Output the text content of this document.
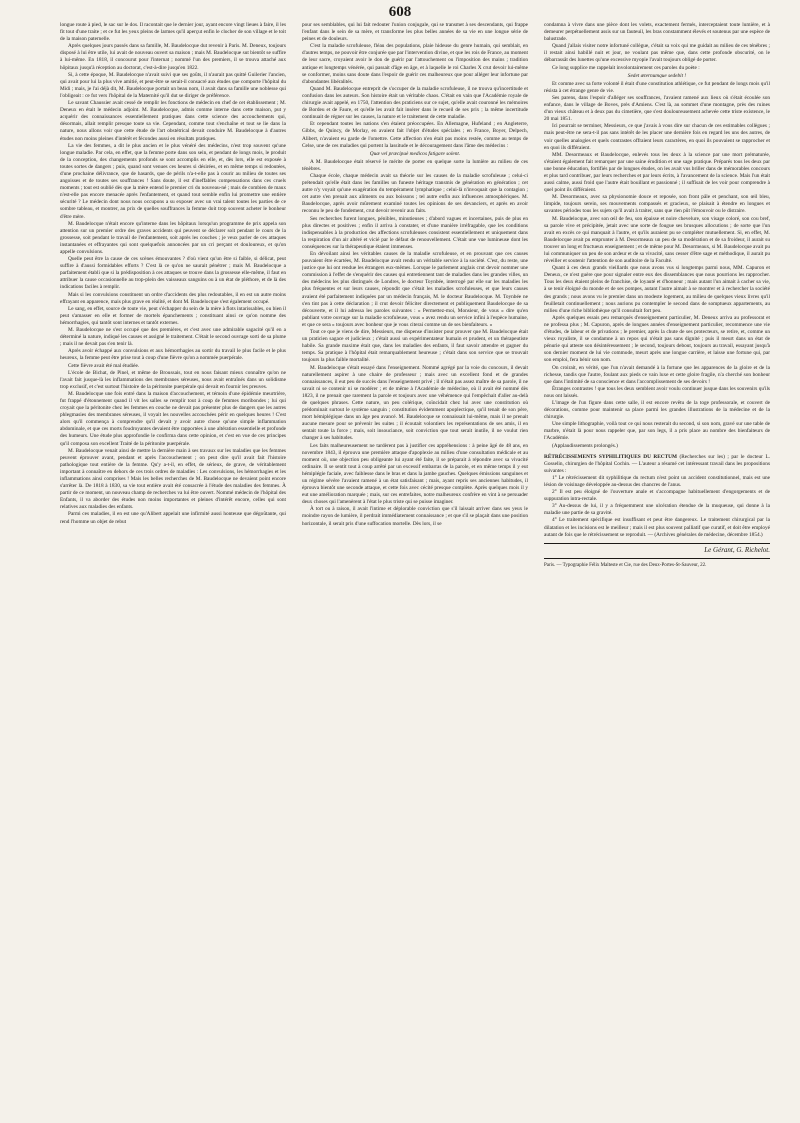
608

longue route à pied, le sac sur le dos. Il racontait que le dernier jour, ayant encore vingt lieues à faire, il les fit tout d'une traite ; et ce fut les yeux pleins de larmes qu'il aperçut enfin le clocher de son village et le toit de la maison paternelle.

Après quelques jours passés dans sa famille, M. Baudelocque dut revenir à Paris. M. Deneux, toujours disposé à lui être utile, lui avait de nouveau ouvert sa maison ; mais M. Baudelocque sut bientôt se suffire à lui-même. En 1818, il concourut pour l'internat ; nommé l'un des premiers, il se trouva attaché aux hôpitaux jusqu'à réception au doctorat, c'est-à-dire jusqu'en 1822.

Si, à cette époque, M. Baudelocque n'avait suivi que ses goûts, il n'aurait pas quitté Guilerier l'ancien, qui avait pour lui la plus vive amitié, et peut-être se serait-il consacré aux études que comporte l'hôpital du Midi ; mais, je l'ai déjà dit, M. Baudelocque portait un beau nom, il avait dans sa famille une noblesse qui l'obligeait : ce fut vers l'hôpital de la Maternité qu'il dut se diriger de préférence.

Le savant Chaussier avait cessé de remplir les fonctions de médecin en chef de cet établissement ; M. Deneux en était le médecin adjoint. M. Baudelocque, admis comme interne dans cette maison, put y acquérir des connaissances essentiellement pratiques dans cette science des accouchements qui, désormais, allait remplir presque toute sa vie. Cependant, comme tout s'enchaîne et tout se lie dans la nature, nous allons voir que cette étude de l'art obstétrical devait conduire M. Baudelocque à d'autres études non moins pleines d'intérêt et fécondes aussi en résultats pratiques.

La vie des femmes, a dit le plus ancien et le plus vénéré des médecins, n'est trop souvent qu'une longue maladie. Par cela, en effet, que la femme porte dans son sein, et pendant de longs mois, le produit de la conception, des changements profonds se sont accomplis en elle, et, dès lors, elle est exposée à toutes sortes de dangers ; puis, quand sont venues ces heures si désirées, et en même temps si redoutées, d'une prochaine délivrance, que de hasards, que de périls n'a-t-elle pas à courir au milieu de toutes ses angoisses et de toutes ses souffrances ! Sans doute, il est d'ineffables compensations dans ces cruels moments ; tout est oublié dès que la mère entend le premier cri du nouveau-né ; mais de combien de maux n'est-elle pas encore menacée après l'enfantement, et quand tout semble enfin lui promettre une entière sécurité ? Le médecin dont nous nous occupons a su exposer avec un vrai talent toutes les parties de ce sombre tableau, et montrer, au prix de quelles souffrances la femme doit trop souvent acheter le bonheur d'être mère.

M. Baudelocque n'était encore qu'interne dans les hôpitaux lorsqu'un programme de prix appela son attention sur un premier ordre des graves accidents qui peuvent se déclarer soit pendant le cours de la grossesse, soit pendant le travail de l'enfantement, soit après les couches ; je veux parler de ces attaques instantanées et effrayantes qui sont quelquefois annoncées par un cri perçant et douloureux, et qu'on appelle convulsions.

Quelle peut être la cause de ces scènes émouvantes ? d'où vient qu'un être si faible, si délicat, peut suffire à d'aussi formidables efforts ? C'est là ce qu'on ne saurait pénétrer ; mais M. Baudelocque a parfaitement établi que si la prédisposition à ces attaques se trouve dans la grossesse elle-même, il faut en attribuer la cause occasionnelle au trop-plein des vaisseaux sanguins ou à un état de pléthore, et de là des indications faciles à remplir.

Mais si les convulsions constituent un ordre d'accidents des plus redoutables, il en est un autre moins effrayant en apparence, mais plus grave en réalité, et dont M. Baudelocque s'est également occupé.

Le sang, en effet, source de toute vie, peut s'échapper du sein de la mère à flots intarissables, ou bien il peut s'amasser en elle et former de mortels épanchements ; constituant ainsi ce qu'on nomme des hémorrhagies, qui tantôt sont internes et tantôt externes.

M. Baudelocque ne s'est occupé que des premières, et c'est avec une admirable sagacité qu'il en a déterminé la nature, indiqué les causes et assigné le traitement. C'était le second ouvrage sorti de sa plume ; mais il ne devait pas s'en tenir là.

Après avoir échappé aux convulsions et aux hémorrhagies au sortir du travail le plus facile et le plus heureux, la femme peut être prise tout à coup d'une fièvre qu'on a nommée puerpérale.

Cette fièvre avait été mal étudiée.

L'école de Bichat, de Pinel, et même de Broussais, tout en nous faisant mieux connaître qu'on ne l'avait fait jusque-là les inflammations des membranes séreuses, nous avait entraînés dans un solidisme trop exclusif, et c'est surtout l'histoire de la péritonite puerpérale qui devait en fournir les preuves.

M. Baudelocque une fois entré dans la maison d'accouchement, et témoin d'une épidémie meurtrière, fut frappé d'étonnement quand il vit les salles se remplir tout à coup de femmes moribondes ; lui qui croyait que la péritonite chez les femmes en couche ne devait pas présenter plus de dangers que les autres phlegmasies des membranes séreuses, il voyait les nouvelles accouchées périr en quelques heures ! C'est alors qu'il commença à comprendre qu'il devait y avoir autre chose qu'une simple inflammation abdominale, et que ces morts foudroyantes devaient être rapportées à une altération essentielle et profonde des humeurs. Une étude plus approfondie le confirma dans cette opinion, et c'est en vue de ces principes qu'il composa son excellent Traité de la péritonite puerpérale.

M. Baudelocque venait ainsi de mettre la dernière main à ses travaux sur les maladies que les femmes peuvent éprouver avant, pendant et après l'accouchement ; on peut dire qu'il avait fait l'histoire pathologique tout entière de la femme. Qu'y a-t-il, en effet, de sérieux, de grave, de véritablement important à connaître en dehors de ces trois ordres de maladies : Les convulsions, les hémorrhagies et les inflammations ainsi comprises ! Mais les belles recherches de M. Baudelocque ne devaient point encore s'arrêter là. De 1818 à 1830, sa vie tout entière avait été consacrée à l'étude des maladies des femmes. À partir de ce moment, un nouveau champ de recherches va lui être ouvert. Nommé médecin de l'hôpital des Enfants, il va aborder des études non moins importantes et pleines d'intérêt encore, celles qui sont relatives aux maladies des enfants.

Parmi ces maladies, il en est une qu'Alibert appelait une infirmité aussi honteuse que dégoûtante, qui rend l'homme un objet de rebut

pour ses semblables, qui lui fait redouter l'union conjugale, qui se transmet à ses descendants, qui frappe l'enfant dans le sein de sa mère, et transforme les plus belles années de sa vie en une longue série de peines et de douleurs.

C'est la maladie scrofuleuse, fléau des populations, plaie hideuse du genre humain, qui semblait, en d'autres temps, ne pouvoir être conjurée que par l'intervention divine, et que les rois de France, au moment de leur sacre, croyaient avoir le don de guérir par l'attouchement ou l'imposition des mains ; tradition antique et longtemps vénérée, qui passait d'âge en âge, et à laquelle le roi Charles X crut devoir lui-même se conformer, moins sans doute dans l'espoir de guérir ces malheureux que pour alléger leur infortune par d'abondantes libéralités.

Quand M. Baudelocque entreprit de s'occuper de la maladie scrofuleuse, il ne trouva qu'incertitude et confusion dans les auteurs. Son histoire était un véritable chaos. C'était en vain que l'Académie royale de chirurgie avait appelé, en 1750, l'attention des praticiens sur ce sujet, qu'elle avait couronné les mémoires de Bordeu et de Faure, et qu'elle les avait fait insérer dans le recueil de ses prix ; la même incertitude continuait de régner sur les causes, la nature et le traitement de cette maladie.

Et cependant toutes les nations s'en étaient préoccupées. En Allemagne, Hufeland ; en Angleterre, Gibbs, de Quincy, de Morlay, en avaient fait l'objet d'études spéciales ; en France, Boyer, Delpech, Alibert, n'avaient eu garde de l'omettre. Cette affection n'en était pas moins restée, comme au temps de Celse, une de ces maladies qui portent la lassitude et le découragement dans l'âme des médecins :

Quæ vel præcipuè medicos fatigare solent.

A M. Baudelocque était réservé le mérite de porter en quelque sorte la lumière au milieu de ces ténèbres.

Chaque école, chaque médecin avait sa théorie sur les causes de la maladie scrofuleuse ; celui-ci prétendait qu'elle était dans les familles un funeste héritage transmis de génération en génération ; cet autre n'y voyait qu'une exagération du tempérament lymphatique ; celui-là n'invoquait que la contagion ; cet autre s'en prenait aux aliments ou aux boissons ; tel autre enfin aux influences atmosphériques. M. Baudelocque, après avoir mûrement examiné toutes les opinions de ses devanciers, et après en avoir reconnu le peu de fondement, crut devoir revenir aux faits.

Ses recherches furent longues, pénibles, minutieuses ; d'abord vagues et incertaines, puis de plus en plus directes et positives ; enfin il arriva à constater, et d'une manière irréfragable, que les conditions indispensables à la production des affections scrofuleuses consistent essentiellement et uniquement dans la respiration d'un air altéré et vicié par le défaut de renouvellement. C'était une vue lumineuse dont les conséquences sur la thérapeutique étaient immenses.

En dévoilant ainsi les véritables causes de la maladie scrofuleuse, et en prouvant que ces causes pouvaient être écartées, M. Baudelocque avait rendu un véritable service à la société. C'est, du reste, une justice que lui ont rendue les étrangers eux-mêmes. Lorsque le parlement anglais crut devoir nommer une commission à l'effet de s'enquérir des causes qui entretiennent tant de maladies dans les grandes villes, un des médecins les plus distingués de Londres, le docteur Toynbée, interrogé par elle sur les maladies les plus fréquentes et sur leurs causes, répondit que c'était les maladies scrofuleuses, et que leurs causes avaient été parfaitement indiquées par un médecin français, M. le docteur Baudelocque. M. Toynbée ne s'en tint pas à cette déclaration ; il crut devoir féliciter directement et publiquement Baudelocque de sa découverte, et il lui adressa les paroles suivantes : « Permettez-moi, Monsieur, de vous » dire qu'en publiant votre ouvrage sur la maladie scrofuleuse, vous » avez rendu un service infini à l'espèce humaine, et que ce sera » toujours avec bonheur que je vous citerai comme un de ses bienfaiteurs. »

Tout ce que je viens de dire, Messieurs, me dispense d'insister pour prouver que M. Baudelocque était un praticien sagace et judicieux ; c'était aussi un expérimentateur humain et prudent, et un thérapeutiste habile. Sa grande maxime était que, dans les maladies des enfants, il faut savoir attendre et gagner du temps. Sa pratique à l'hôpital était remarquablement heureuse ; c'était dans son service que se trouvait toujours la plus faible mortalité.

M. Baudelocque s'était essayé dans l'enseignement. Nommé agrégé par la voie du concours, il devait naturellement aspirer à une chaire de professeur ; mais avec un excellent fond et de grandes connaissances, il eut peu de succès dans l'enseignement privé ; il n'était pas assez maître de sa parole, il ne savait ni se contenir ni se modérer ; et de même à l'Académie de médecine, où il avait été nommé dès 1823, il ne prenait que rarement la parole et toujours avec une véhémence qui l'empêchait d'aller au-delà de quelques phrases. Cette nature, un peu colérique, coïncidait chez lui avec une constitution où prédominait surtout le système sanguin ; constitution évidemment apoplectique, qu'il tenait de son père, mort hémiplégique dans un âge peu avancé. M. Baudelocque se connaissait lui-même, mais il ne prenait aucune mesure pour se prévenir les suites ; il écoutait volontiers les représentations de ses amis, il en sentait toute la force ; mais, soit insouciance, soit conviction que tout serait inutile, il ne voulut rien changer à ses habitudes.

Les faits malheureusement ne tardèrent pas à justifier ces appréhensions : à peine âgé de 48 ans, en novembre 1843, il éprouva une première attaque d'apoplexie au milieu d'une consultation médicale et au moment où, une objection peu obligeante lui ayant été faite, il se préparait à répondre avec sa vivacité ordinaire. Il se sentit tout à coup arrêté par un excessif embarras de la parole, et en même temps il y eut hémiplégie faciale, avec faiblesse dans le bras et dans la jambe gauches. Quelques émissions sanguines et un régime sévère l'avaient ramené à un état satisfaisant ; mais, ayant repris ses anciennes habitudes, il éprouva bientôt une seconde attaque, et cette fois avec cécité presque complète. Après quelques mois il y eut une amélioration marquée ; mais, sur ces entrefaites, notre malheureux confrère en vint à se persuader deux choses qui l'amenèrent à l'état le plus triste qui se puisse imaginer.

À tort ou à raison, il avait l'intime et déplorable conviction que s'il laissait arriver dans ses yeux le moindre rayon de lumière, il perdrait immédiatement connaissance ; et que s'il se plaçait dans une position horizontale, il serait pris d'une suffocation mortelle. Dès lors, il se

condamna à vivre dans une pièce dont les volets, exactement fermés, interceptaient toute lumière, et à demeurer perpétuellement assis sur un fauteuil, les bras constamment élevés et soutenus par une espèce de balustrade.

Quand j'allais visiter notre infortuné collègue, c'était sa voix qui me guidait au milieu de ces ténèbres ; il restait ainsi habillé nuit et jour, ne voulant pas même que, dans cette profonde obscurité, on le débarrassât des lunettes qu'une excessive myopie l'avait toujours obligé de porter.

Ce long supplice me rappelait involontairement ces paroles du poète :

Sedet æternumque sedebit !

Et comme avec sa forte volonté il était d'une constitution athlétique, ce fut pendant de longs mois qu'il résista à cet étrange genre de vie.

Ses parens, dans l'espoir d'alléger ses souffrances, l'avaient ramené aux lieux où s'était écoulée son enfance, dans le village de Boves, près d'Amiens. C'est là, au sommet d'une montagne, près des ruines d'un vieux château et à deux pas du cimetière, que s'est douloureusement achevée cette triste existence, le 20 mai 1851.

Ici pourrait se terminer, Messieurs, ce que j'avais à vous dire sur chacun de ces estimables collègues ; mais peut-être ne sera-t-il pas sans intérêt de les placer une dernière fois en regard les uns des autres, de voir quelles analogies et quels contrastes offraient leurs caractères, en quoi ils pouvaient se rapprocher et en quoi ils différaient.

MM. Desormeaux et Baudelocque, enlevés tous les deux à la science par une mort prématurée, s'étaient également fait remarquer par une saine érudition et une sage pratique. Préparés tous les deux par une bonne éducation, fortifiés par de longues études, on les avait vus briller dans de mémorables concours et plus tard contribuer, par leurs recherches et par leurs écrits, à l'avancement de la science. Mais l'un était aussi calme, aussi froid que l'autre était bouillant et passionné ; il suffisait de les voir pour comprendre à quel point ils différaient.

M. Desormeaux, avec sa physionomie douce et reposée, son front pâle et penchant, son œil bleu, limpide, toujours serein, ses mouvements compassés et gracieux, se plaisait à étendre en longues et savantes périodes tous les sujets qu'il avait à traiter, sans que rien pût l'émouvoir ou le distraire.

M. Baudelocque, avec son œil de feu, son épaisse et noire chevelure, son visage coloré, son cou bref, sa parole vive et précipitée, jetait avec une sorte de fougue ses brusques allocutions ; de sorte que l'un avait en excès ce qui manquait à l'autre, et qu'ils auraient pu se compléter mutuellement. Si, en effet, M. Baudelocque avait pu emprunter à M. Desormeaux un peu de sa modération et de sa froideur, il aurait su trouver un long et fructueux enseignement ; et de même pour M. Desormeaux, si M. Baudelocque avait pu lui communiquer un peu de son ardeur et de sa vivacité, sans cesser d'être sage et méthodique, il aurait pu réveiller et soutenir l'attention de son auditoire de la Faculté.

Quant à ces deux grands vieillards que nous avons vus si longtemps parmi nous, MM. Capuron et Deneux, ce n'est guère que pour signaler entre eux des dissemblances que nous pourrions les rapprocher. Tous les deux étaient pleins de franchise, de loyauté et d'honneur ; mais autant l'un aimait à cacher sa vie, à se tenir éloigné du monde et de ses pompes, autant l'autre aimait à se montrer et à rechercher la société des grands ; nous avons vu le premier dans un modeste logement, au milieu de quelques vieux livres qu'il feuilletait continuellement ; nous aurions pu contempler le second dans de somptueux appartements, au milieu d'une riche bibliothèque qu'il consultait fort peu.

Après quelques essais peu remarqués d'enseignement particulier, M. Deneux arriva au professorat et ne professa plus ; M. Capuron, après de longues années d'enseignement particulier, recommence une vie d'études, de labeur et de privations ; le premier, après la chute de ses protecteurs, se retire, et, comme un vieux royaliste, il se condamne à un repos qui n'était pas sans dignité ; puis il meurt dans un état de pénurie qui atteste son désintéressement ; le second, toujours debout, toujours au travail, essayant jusqu'à son dernier moment de lui vie commode, meurt après une longue carrière, et laisse une fortune qui, par son emploi, fera bénir son nom.

On croirait, en vérité, que l'un n'avait demandé à la fortune que les apparences de la gloire et de la richesse, tandis que l'autre, foulant aux pieds ce vain luxe et cette gloire fragile, n'a cherché son bonheur que dans l'intimité de sa conscience et dans l'accomplissement de ses devoirs !

Étranges contrastes ! que tous les deux semblent avoir voulu continuer jusque dans les souvenirs qu'ils nous ont laissés.

L'image de l'un figure dans cette salle, il est encore revêtu de la toge professorale, et couvert de décorations, comme pour maintenir sa place parmi les grandes illustrations de la médecine et de la chirurgie.

Une simple lithographie, voilà tout ce qui nous resterait du second, si son nom, gravé sur une table de marbre, n'était là pour nous rappeler que, par son legs, il a pris place au nombre des bienfaiteurs de l'Académie.

(Applaudissements prolongés.)

RÉTRÉCISSEMENTS SYPHILITIQUES DU RECTUM (Recherches sur les) ; par le docteur L. Gosselin, chirurgien de l'hôpital Cochin. — L'auteur a résumé cet intéressant travail dans les propositions suivantes :

1° Le rétrécissement dit syphilitique du rectum n'est point un accident constitutionnel, mais est une lésion de voisinage développée au-dessus des chancres de l'anus.

2° Il est peu éloigné de l'ouverture anale et s'accompagne habituellement d'engorgements et de suppuration intra-rectale.

3° Au-dessus de lui, il y a fréquemment une ulcération étendue de la muqueuse, qui donne à la maladie une partie de sa gravité.

4° Le traitement spécifique est insuffisant et peut être dangereux. Le traitement chirurgical par la dilatation et les incisions est le meilleur ; mais il est plus souvent palliatif que curatif, et doit être employé autant de fois que le rétrécissement se reproduit. — (Archives générales de médecine, décembre 1854.)

Le Gérant, G. Richelot.

Paris. — Typographie Félix Malteste et Cie, rue des Deux-Portes-St-Sauveur, 22.
